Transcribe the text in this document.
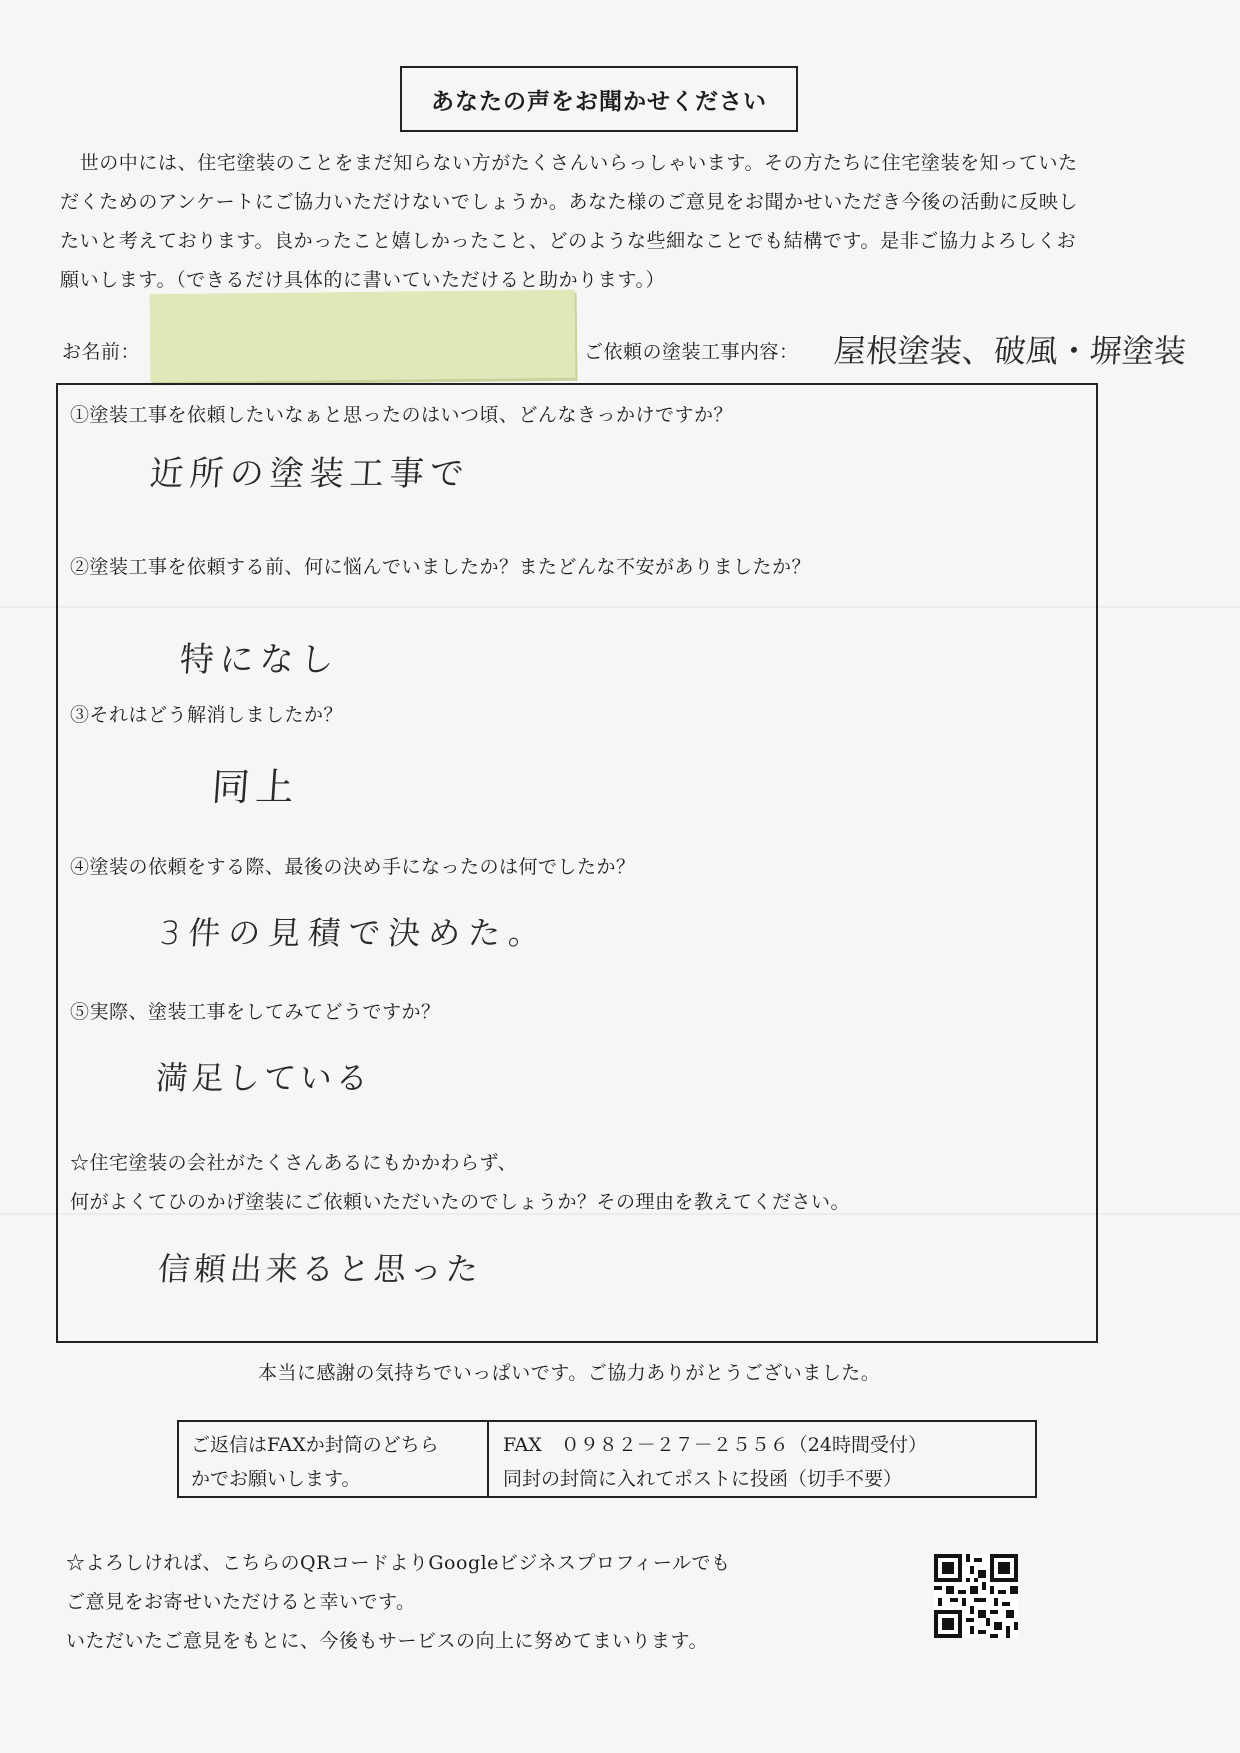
あなたの声をお聞かせください
　世の中には、住宅塗装のことをまだ知らない方がたくさんいらっしゃいます。その方たちに住宅塗装を知っていた
だくためのアンケートにご協力いただけないでしょうか。あなた様のご意見をお聞かせいただき今後の活動に反映し
たいと考えております。良かったこと嬉しかったこと、どのような些細なことでも結構です。是非ご協力よろしくお
願いします。（できるだけ具体的に書いていただけると助かります。）
お名前：	ご依頼の塗装工事内容： 屋根塗装、破風・塀塗装
①塗装工事を依頼したいなぁと思ったのはいつ頃、どんなきっかけですか？
近所の塗装工事で
②塗装工事を依頼する前、何に悩んでいましたか？またどんな不安がありましたか？
特になし
③それはどう解消しましたか？
同上
④塗装の依頼をする際、最後の決め手になったのは何でしたか？
3件の見積で決めた。
⑤実際、塗装工事をしてみてどうですか？
満足している
☆住宅塗装の会社がたくさんあるにもかかわらず、
何がよくてひのかげ塗装にご依頼いただいたのでしょうか？その理由を教えてください。
信頼出来ると思った
本当に感謝の気持ちでいっぱいです。ご協力ありがとうございました。
ご返信はFAXか封筒のどちら
かでお願いします。
FAX　０９８２－２７－２５５６（24時間受付）
同封の封筒に入れてポストに投函（切手不要）
☆よろしければ、こちらのQRコードよりGoogleビジネスプロフィールでも
ご意見をお寄せいただけると幸いです。
いただいたご意見をもとに、今後もサービスの向上に努めてまいります。
